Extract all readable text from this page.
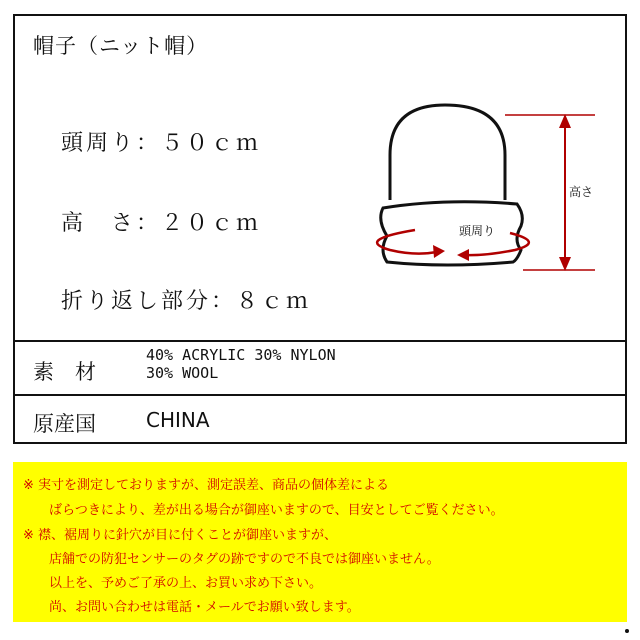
帽子（ニット帽）
頭周り：５０ｃｍ
高　さ：２０ｃｍ
折り返し部分：８ｃｍ
頭周り
高さ
素　材
40% ACRYLIC 30% NYLON
30% WOOL
原産国	CHINA
※ 実寸を測定しておりますが、測定誤差、商品の個体差による
ばらつきにより、差が出る場合が御座いますので、目安としてご覧ください。
※ 襟、裾周りに針穴が目に付くことが御座いますが、
店舗での防犯センサーのタグの跡ですので不良では御座いません。
以上を、予めご了承の上、お買い求め下さい。
尚、お問い合わせは電話・メールでお願い致します。
